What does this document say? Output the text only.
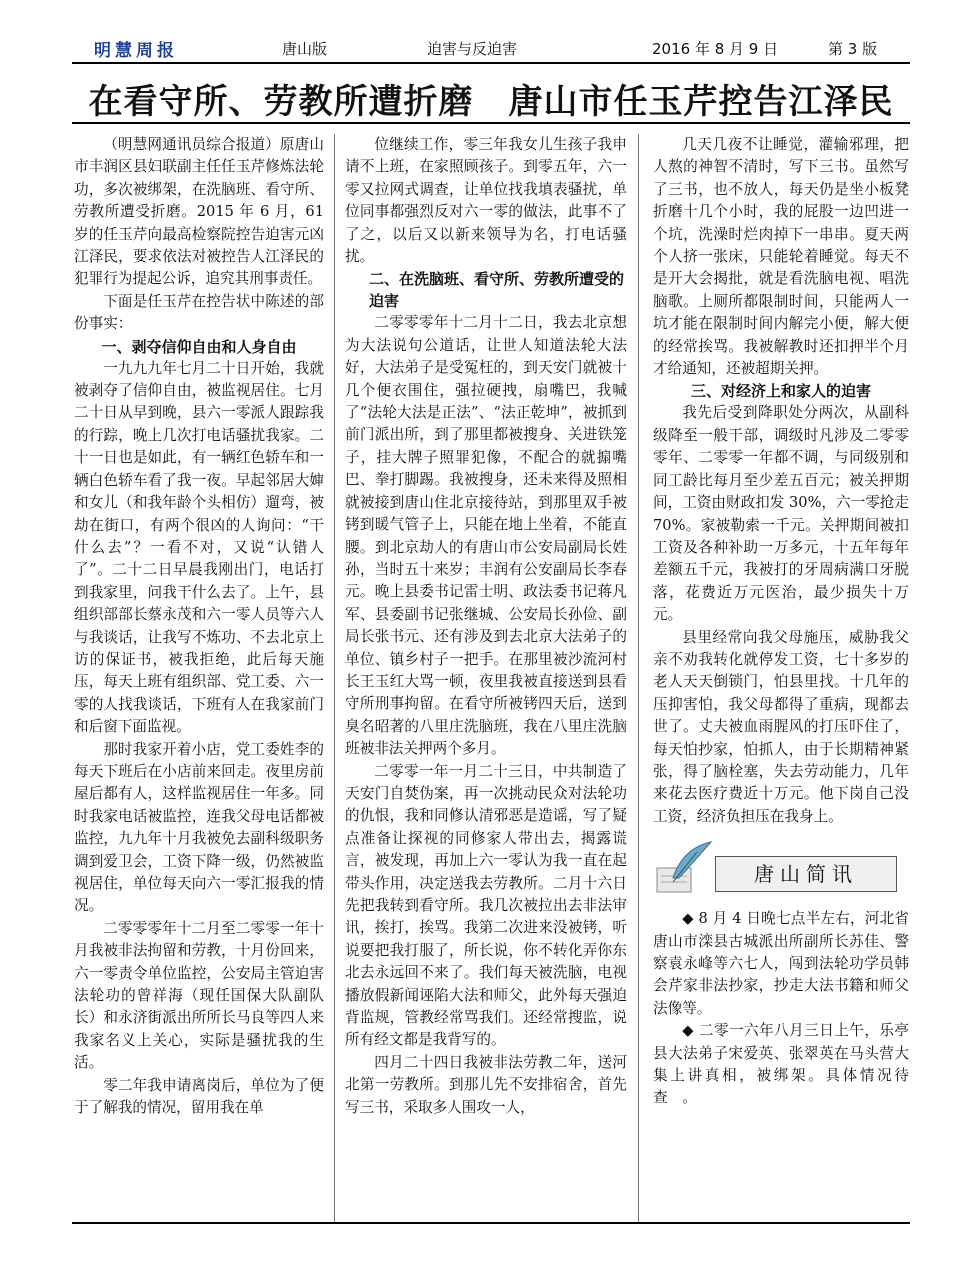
明慧周报	唐山版	迫害与反迫害	2016 年 8 月 9 日	第 3 版
在看守所、劳教所遭折磨　唐山市任玉芹控告江泽民

（明慧网通讯员综合报道）原唐山市丰润区县妇联副主任任玉芹修炼法轮功，多次被绑架，在洗脑班、看守所、劳教所遭受折磨。2015 年 6 月，61 岁的任玉芹向最高检察院控告迫害元凶江泽民，要求依法对被控告人江泽民的犯罪行为提起公诉，追究其刑事责任。

下面是任玉芹在控告状中陈述的部份事实：

一、剥夺信仰自由和人身自由

一九九九年七月二十日开始，我就被剥夺了信仰自由，被监视居住。七月二十日从早到晚，县六一零派人跟踪我的行踪，晚上几次打电话骚扰我家。二十一日也是如此，有一辆红色轿车和一辆白色轿车看了我一夜。早起邻居大婶和女儿（和我年龄个头相仿）遛弯，被劫在街口，有两个很凶的人询问：“干什么去”？一看不对，又说“认错人了”。二十二日早晨我刚出门，电话打到我家里，问我干什么去了。上午，县组织部部长蔡永茂和六一零人员等六人与我谈话，让我写不炼功、不去北京上访的保证书，被我拒绝，此后每天施压，每天上班有组织部、党工委、六一零的人找我谈话，下班有人在我家前门和后窗下面监视。

那时我家开着小店，党工委姓李的每天下班后在小店前来回走。夜里房前屋后都有人，这样监视居住一年多。同时我家电话被监控，连我父母电话都被监控，九九年十月我被免去副科级职务调到爱卫会，工资下降一级，仍然被监视居住，单位每天向六一零汇报我的情况。

二零零零年十二月至二零零一年十月我被非法拘留和劳教，十月份回来，六一零责令单位监控，公安局主管迫害法轮功的曾祥海（现任国保大队副队长）和永济街派出所所长马良等四人来我家名义上关心，实际是骚扰我的生活。

零二年我申请离岗后，单位为了便于了解我的情况，留用我在单

位继续工作，零三年我女儿生孩子我申请不上班，在家照顾孩子。到零五年，六一零又拉网式调查，让单位找我填表骚扰，单位同事都强烈反对六一零的做法，此事不了了之，以后又以新来领导为名，打电话骚扰。

二、在洗脑班、看守所、劳教所遭受的迫害

二零零零年十二月十二日，我去北京想为大法说句公道话，让世人知道法轮大法好，大法弟子是受冤枉的，到天安门就被十几个便衣围住，强拉硬拽，扇嘴巴，我喊了“法轮大法是正法”、“法正乾坤”，被抓到前门派出所，到了那里都被搜身、关进铁笼子，挂大牌子照罪犯像，不配合的就搧嘴巴、拳打脚踢。我被搜身，还未来得及照相就被接到唐山住北京接待站，到那里双手被铐到暖气管子上，只能在地上坐着，不能直腰。到北京劫人的有唐山市公安局副局长姓孙，当时五十来岁；丰润有公安副局长李春元。晚上县委书记雷士明、政法委书记蒋凡军、县委副书记张继城、公安局长孙俭、副局长张书元、还有涉及到去北京大法弟子的单位、镇乡村子一把手。在那里被沙流河村长王玉红大骂一顿，夜里我被直接送到县看守所刑事拘留。在看守所被铐四天后，送到臭名昭著的八里庄洗脑班，我在八里庄洗脑班被非法关押两个多月。

二零零一年一月二十三日，中共制造了天安门自焚伪案，再一次挑动民众对法轮功的仇恨，我和同修认清邪恶是造谣，写了疑点准备让探视的同修家人带出去，揭露谎言，被发现，再加上六一零认为我一直在起带头作用，决定送我去劳教所。二月十六日先把我转到看守所。我几次被拉出去非法审讯，挨打，挨骂。我第二次进来没被铐，听说要把我打服了，所长说，你不转化弄你东北去永远回不来了。我们每天被洗脑，电视播放假新闻诬陷大法和师父，此外每天强迫背监规，管教经常骂我们。还经常搜监，说所有经文都是我背写的。

四月二十四日我被非法劳教二年，送河北第一劳教所。到那儿先不安排宿舍，首先写三书，采取多人围攻一人，

几天几夜不让睡觉，灌输邪理，把人熬的神智不清时，写下三书。虽然写了三书，也不放人，每天仍是坐小板凳折磨十几个小时，我的屁股一边凹进一个坑，洗澡时烂肉掉下一串串。夏天两个人挤一张床，只能轮着睡觉。每天不是开大会揭批，就是看洗脑电视、唱洗脑歌。上厕所都限制时间，只能两人一坑才能在限制时间内解完小便，解大便的经常挨骂。我被解教时还扣押半个月才给通知，还被超期关押。

三、对经济上和家人的迫害

我先后受到降职处分两次，从副科级降至一般干部，调级时凡涉及二零零零年、二零零一年都不调，与同级别和同工龄比每月至少差五百元；被关押期间，工资由财政扣发 30%，六一零抢走 70%。家被勒索一千元。关押期间被扣工资及各种补助一万多元，十五年每年差额五千元，我被打的牙周病满口牙脱落，花费近万元医治，最少损失十万元。

县里经常向我父母施压，威胁我父亲不劝我转化就停发工资，七十多岁的老人天天倒锁门，怕县里找。十几年的压抑害怕，我父母都得了重病，现都去世了。丈夫被血雨腥风的打压吓住了，每天怕抄家，怕抓人，由于长期精神紧张，得了脑栓塞，失去劳动能力，几年来花去医疗费近十万元。他下岗自己没工资，经济负担压在我身上。

唐山简讯

◆ 8 月 4 日晚七点半左右，河北省唐山市滦县古城派出所副所长苏佳、警察袁永峰等六七人，闯到法轮功学员韩会芹家非法抄家，抄走大法书籍和师父法像等。

◆ 二零一六年八月三日上午，乐亭县大法弟子宋爱英、张翠英在马头营大集上讲真相，被绑架。具体情况待查　。
